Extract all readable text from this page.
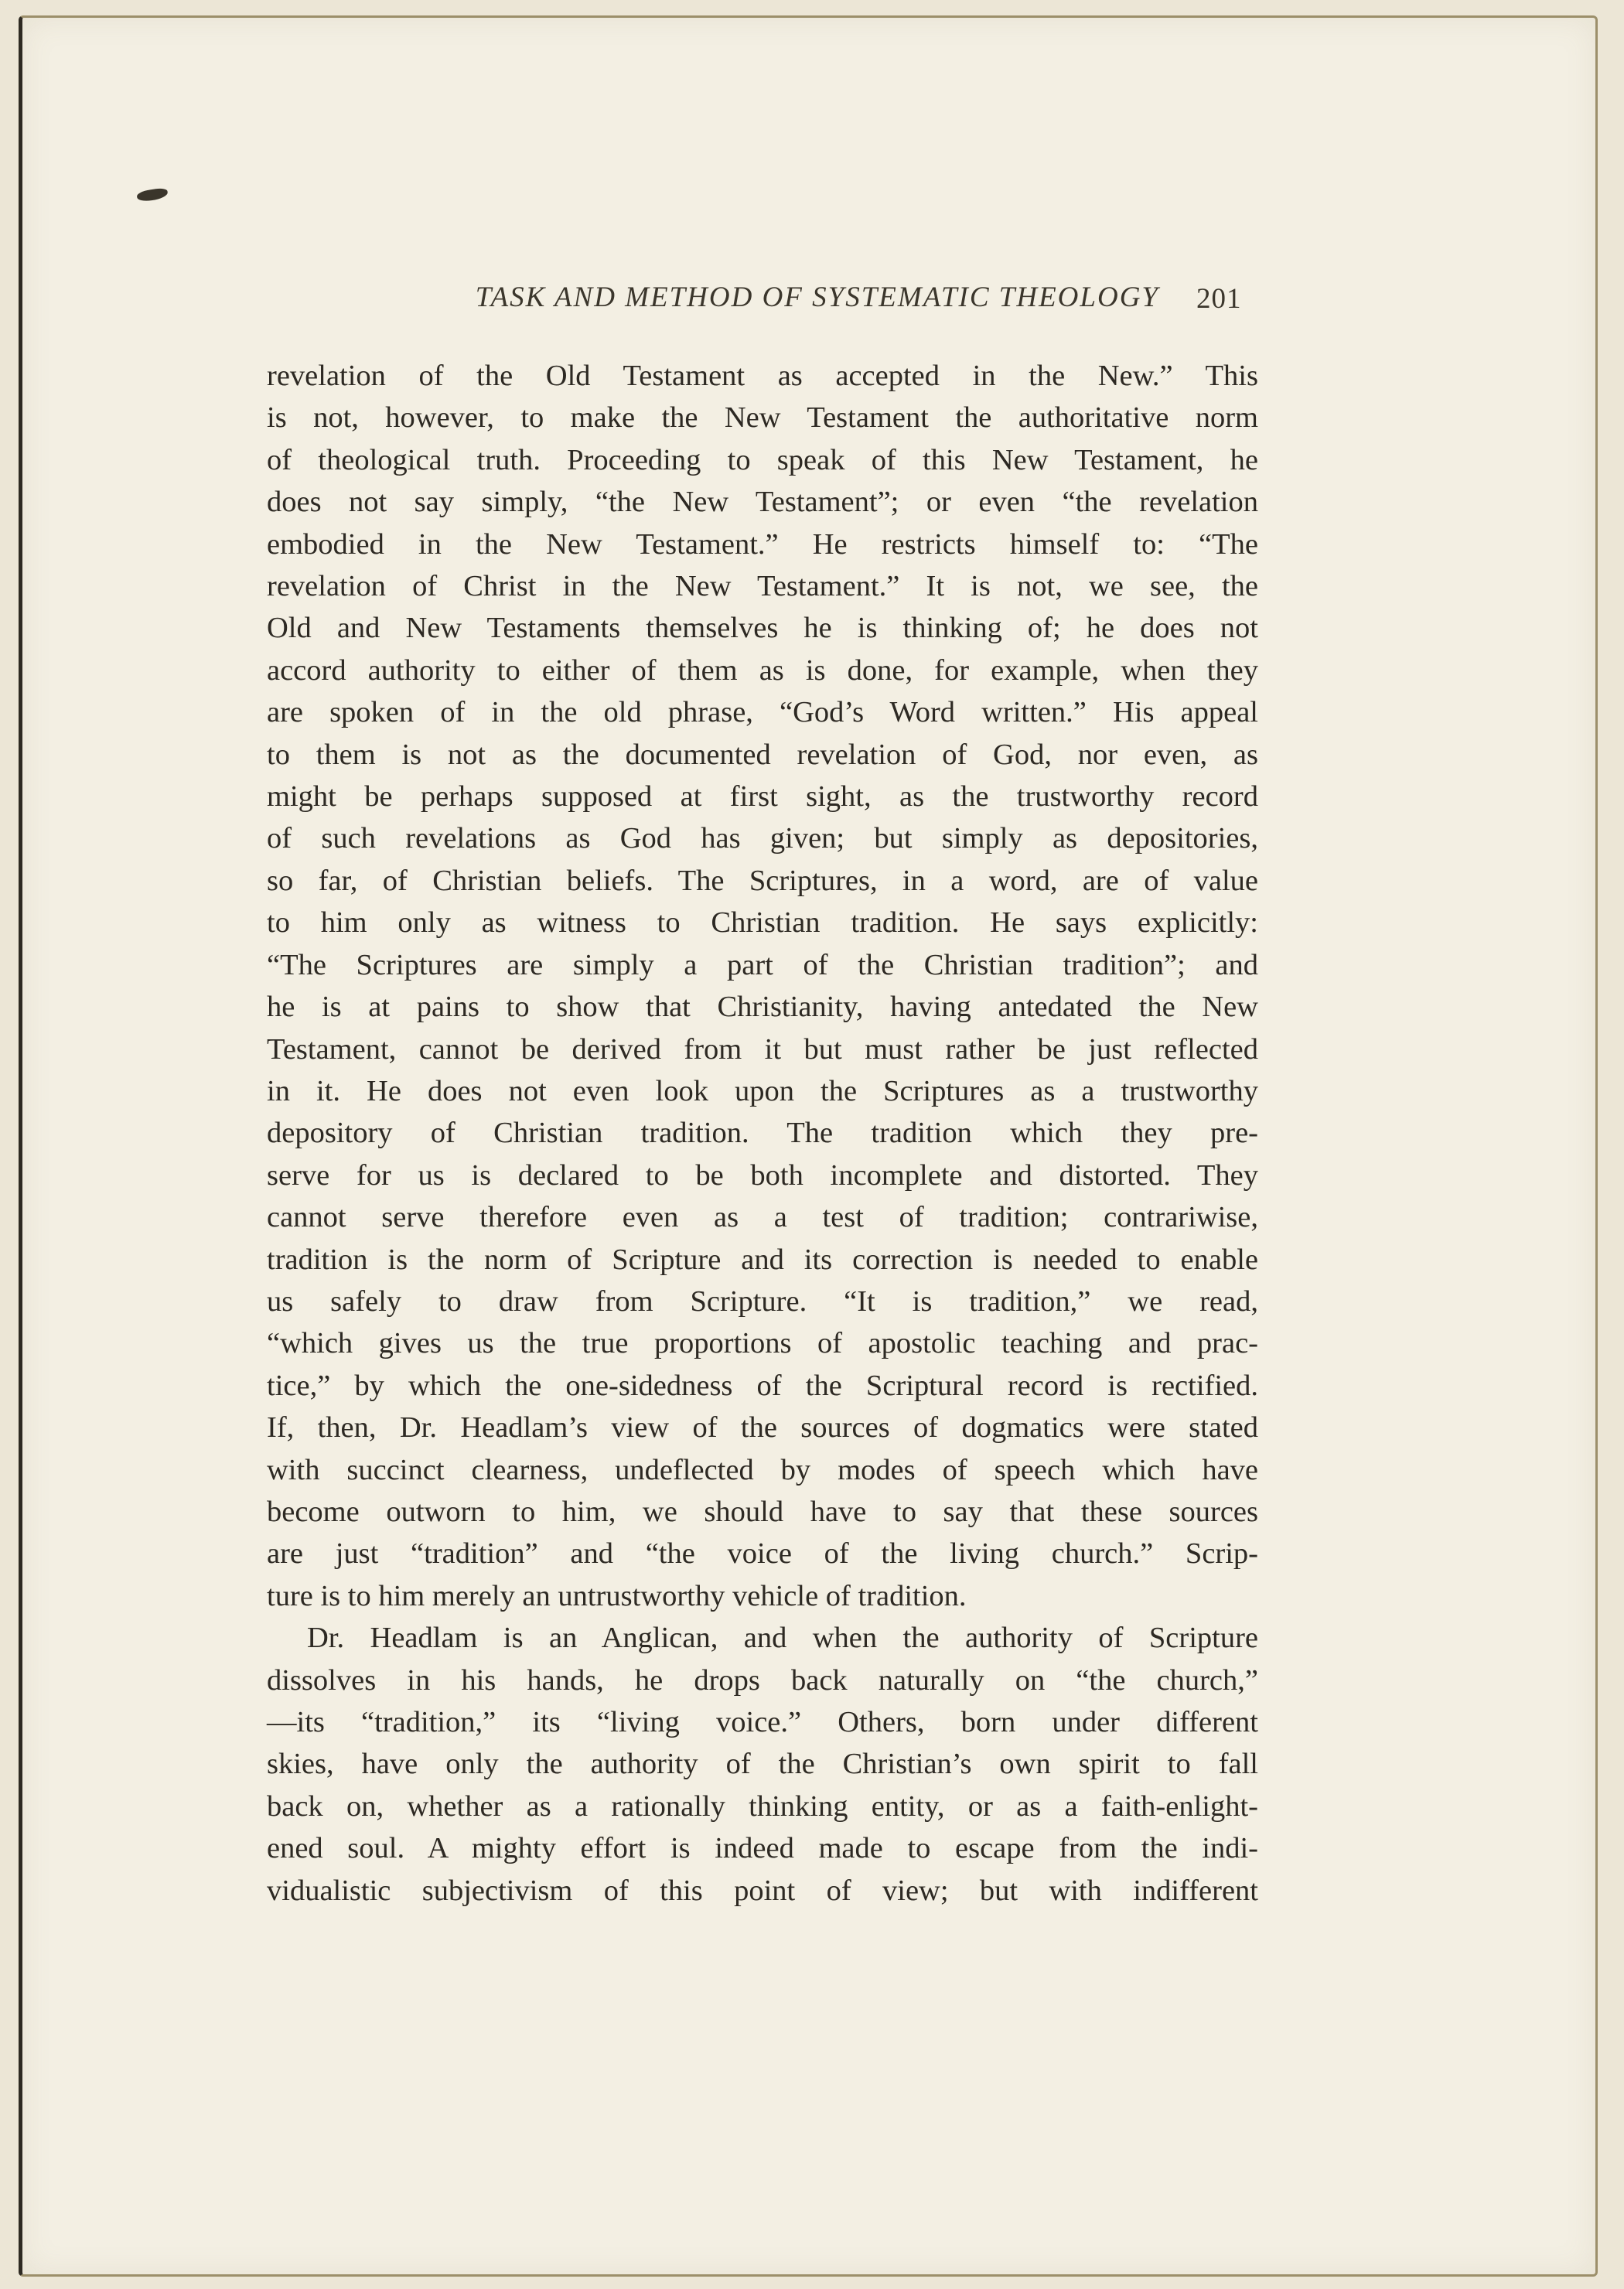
TASK AND METHOD OF SYSTEMATIC THEOLOGY 201

revelation of the Old Testament as accepted in the New.” This
is not, however, to make the New Testament the authoritative norm
of theological truth. Proceeding to speak of this New Testament, he
does not say simply, “the New Testament”; or even “the revelation
embodied in the New Testament.” He restricts himself to: “The
revelation of Christ in the New Testament.” It is not, we see, the
Old and New Testaments themselves he is thinking of; he does not
accord authority to either of them as is done, for example, when they
are spoken of in the old phrase, “God’s Word written.” His appeal
to them is not as the documented revelation of God, nor even, as
might be perhaps supposed at first sight, as the trustworthy record
of such revelations as God has given; but simply as depositories,
so far, of Christian beliefs. The Scriptures, in a word, are of value
to him only as witness to Christian tradition. He says explicitly:
“The Scriptures are simply a part of the Christian tradition”; and
he is at pains to show that Christianity, having antedated the New
Testament, cannot be derived from it but must rather be just reflected
in it. He does not even look upon the Scriptures as a trustworthy
depository of Christian tradition. The tradition which they pre-
serve for us is declared to be both incomplete and distorted. They
cannot serve therefore even as a test of tradition; contrariwise,
tradition is the norm of Scripture and its correction is needed to enable
us safely to draw from Scripture. “It is tradition,” we read,
“which gives us the true proportions of apostolic teaching and prac-
tice,” by which the one-sidedness of the Scriptural record is rectified.
If, then, Dr. Headlam’s view of the sources of dogmatics were stated
with succinct clearness, undeflected by modes of speech which have
become outworn to him, we should have to say that these sources
are just “tradition” and “the voice of the living church.” Scrip-
ture is to him merely an untrustworthy vehicle of tradition.

Dr. Headlam is an Anglican, and when the authority of Scripture
dissolves in his hands, he drops back naturally on “the church,”
—its “tradition,” its “living voice.” Others, born under different
skies, have only the authority of the Christian’s own spirit to fall
back on, whether as a rationally thinking entity, or as a faith-enlight-
ened soul. A mighty effort is indeed made to escape from the indi-
vidualistic subjectivism of this point of view; but with indifferent
